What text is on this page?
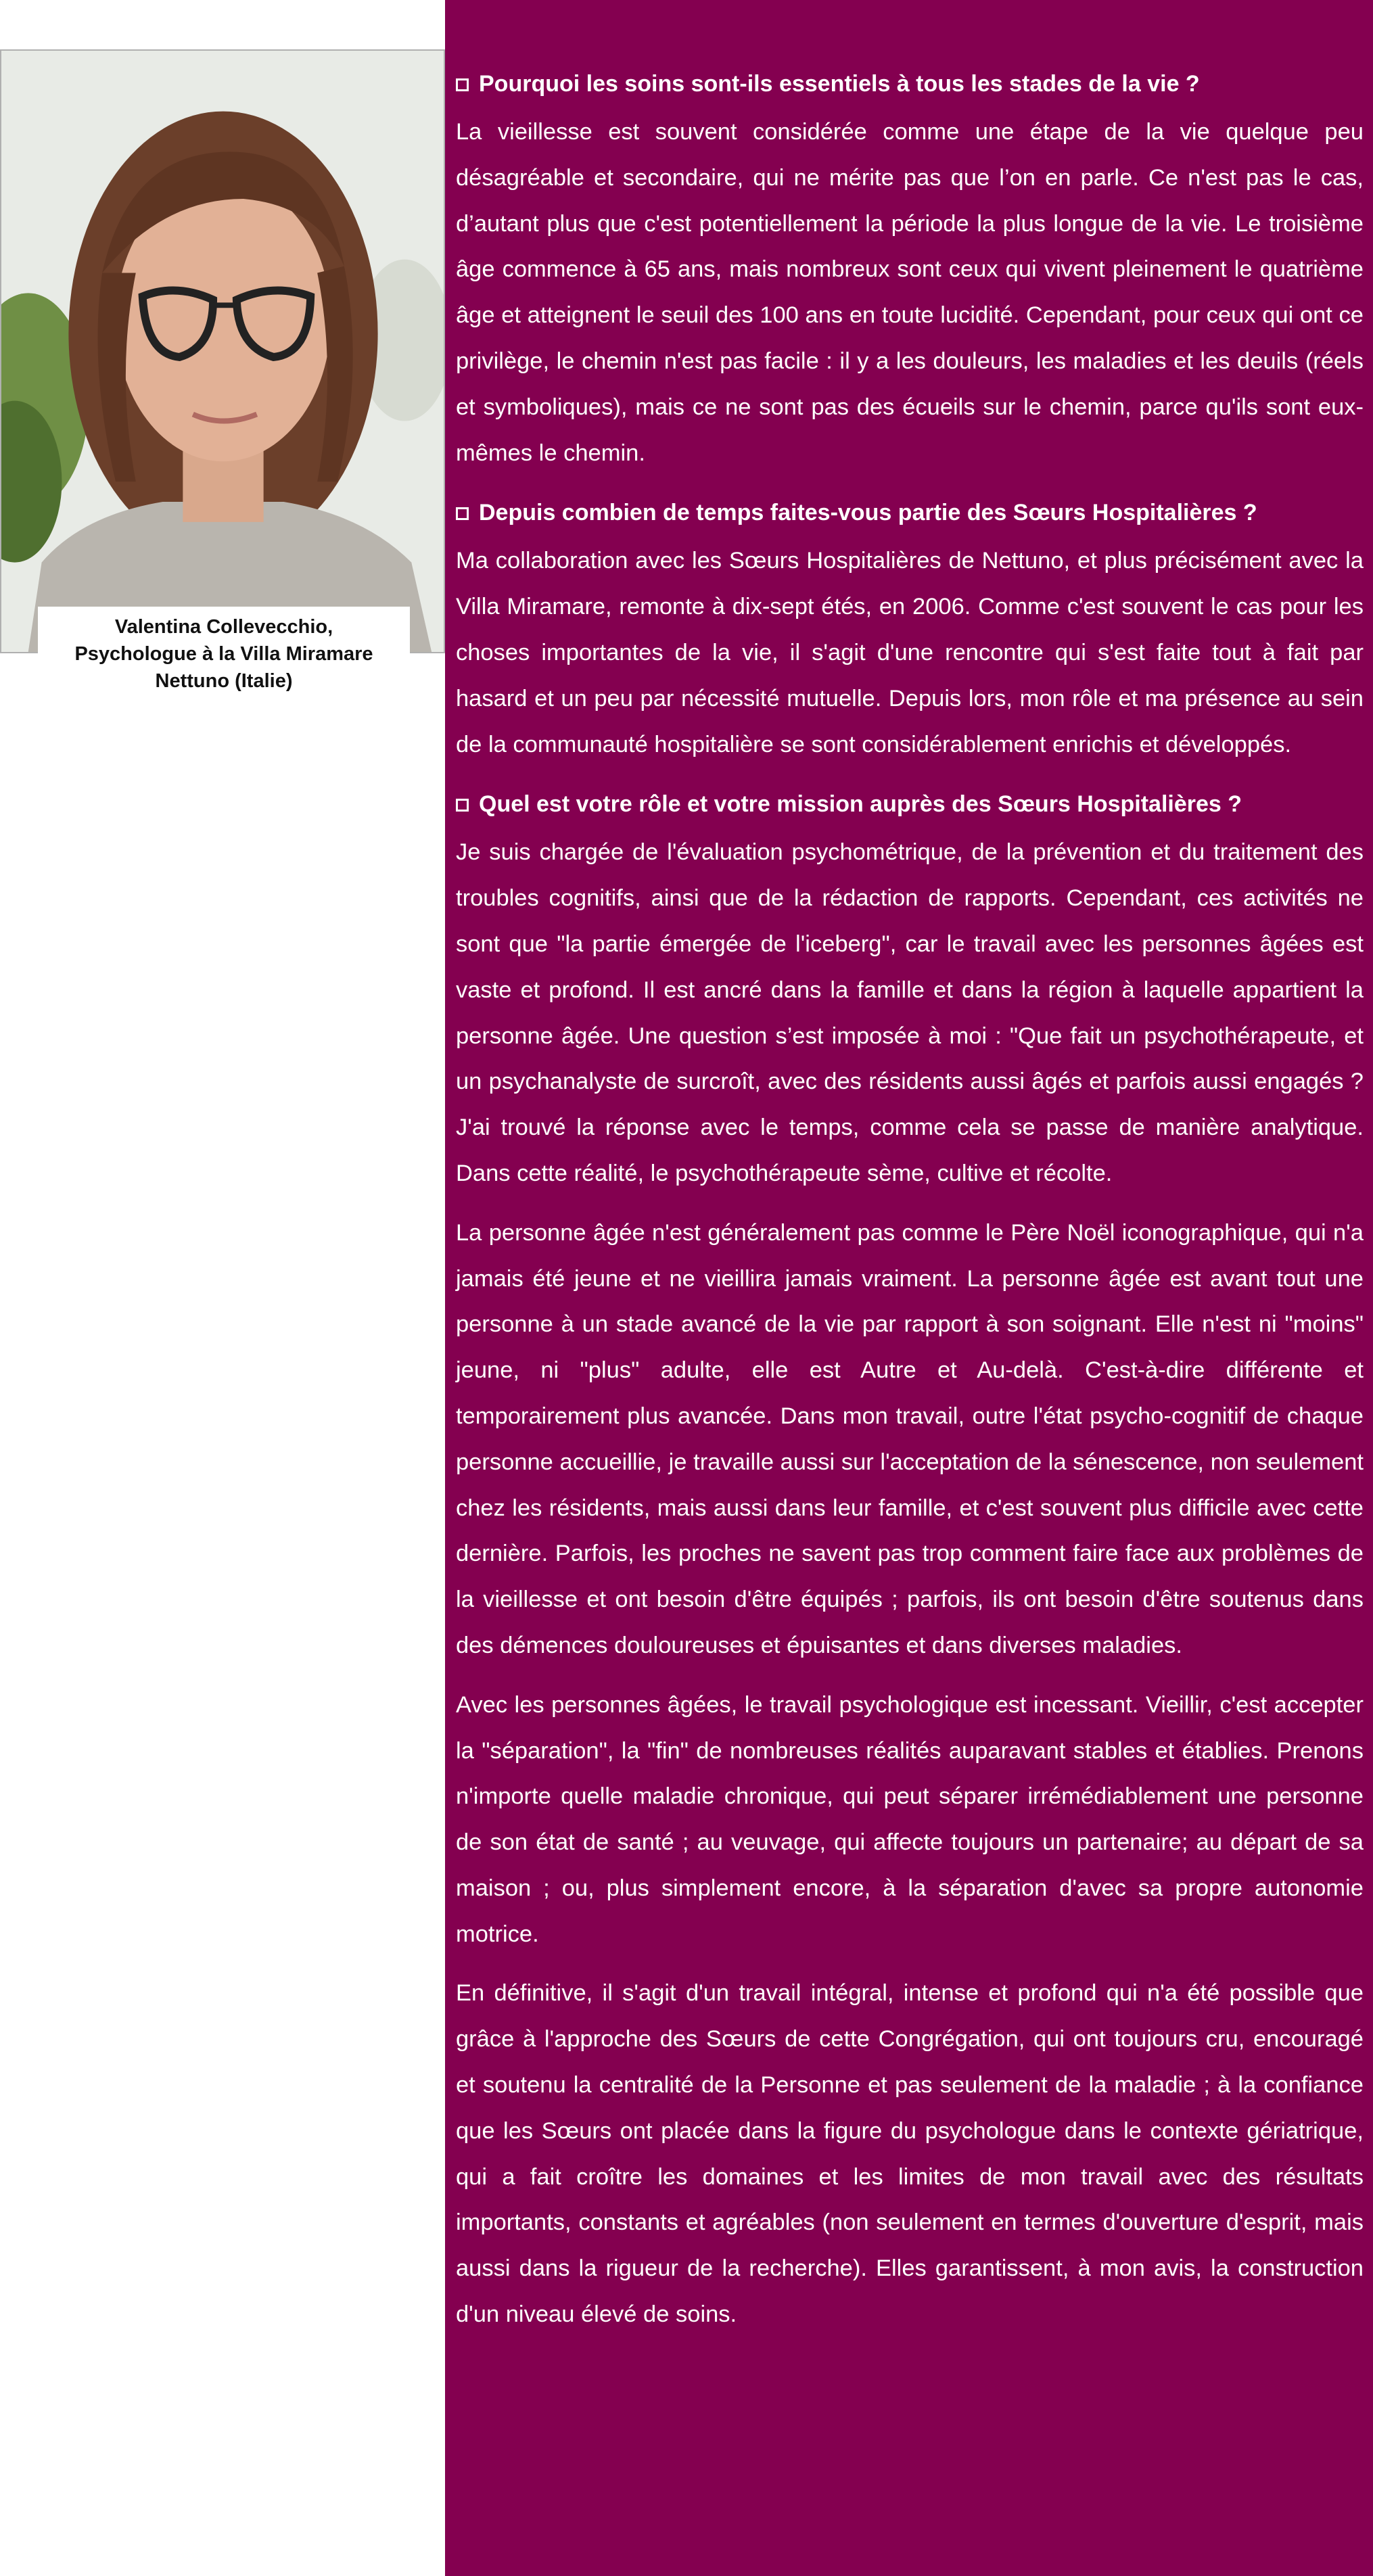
Valentina Collevecchio,
Psychologue à la Villa Miramare
Nettuno (Italie)
Pourquoi les soins sont-ils essentiels à tous les stades de la vie ?

La vieillesse est souvent considérée comme une étape de la vie quelque peu désagréable et secondaire, qui ne mérite pas que l’on en parle. Ce n'est pas le cas, d’autant plus que c'est potentiellement la période la plus longue de la vie. Le troisième âge commence à 65 ans, mais nombreux sont ceux qui vivent pleinement le quatrième âge et atteignent le seuil des 100 ans en toute lucidité. Cependant, pour ceux qui ont ce privilège, le chemin n'est pas facile : il y a les douleurs, les maladies et les deuils (réels et symboliques), mais ce ne sont pas des écueils sur le chemin, parce qu'ils sont eux-mêmes le chemin.

Depuis combien de temps faites-vous partie des Sœurs Hospitalières ?

Ma collaboration avec les Sœurs Hospitalières de Nettuno, et plus précisément avec la Villa Miramare, remonte à dix-sept étés, en 2006. Comme c'est souvent le cas pour les choses importantes de la vie, il s'agit d'une rencontre qui s'est faite tout à fait par hasard et un peu par nécessité mutuelle. Depuis lors, mon rôle et ma présence au sein de la communauté hospitalière se sont considérablement enrichis et développés.

Quel est votre rôle et votre mission auprès des Sœurs Hospitalières ?

Je suis chargée de l'évaluation psychométrique, de la prévention et du traitement des troubles cognitifs, ainsi que de la rédaction de rapports. Cependant, ces activités ne sont que "la partie émergée de l'iceberg", car le travail avec les personnes âgées est vaste et profond. Il est ancré dans la famille et dans la région à laquelle appartient la personne âgée. Une question s’est imposée à moi : "Que fait un psychothérapeute, et un psychanalyste de surcroît, avec des résidents aussi âgés et parfois aussi engagés ? J'ai trouvé la réponse avec le temps, comme cela se passe de manière analytique. Dans cette réalité, le psychothérapeute sème, cultive et récolte.

La personne âgée n'est généralement pas comme le Père Noël iconographique, qui n'a jamais été jeune et ne vieillira jamais vraiment. La personne âgée est avant tout une personne à un stade avancé de la vie par rapport à son soignant. Elle n'est ni "moins" jeune, ni "plus" adulte, elle est Autre et Au-delà. C'est-à-dire différente et temporairement plus avancée. Dans mon travail, outre l'état psycho-cognitif de chaque personne accueillie, je travaille aussi sur l'acceptation de la sénescence, non seulement chez les résidents, mais aussi dans leur famille, et c'est souvent plus difficile avec cette dernière. Parfois, les proches ne savent pas trop comment faire face aux problèmes de la vieillesse et ont besoin d'être équipés ; parfois, ils ont besoin d'être soutenus dans des démences douloureuses et épuisantes et dans diverses maladies.

Avec les personnes âgées, le travail psychologique est incessant. Vieillir, c'est accepter la "séparation", la "fin" de nombreuses réalités auparavant stables et établies. Prenons n'importe quelle maladie chronique, qui peut séparer irrémédiablement une personne de son état de santé ; au veuvage, qui affecte toujours un partenaire; au départ de sa maison ; ou, plus simplement encore, à la séparation d'avec sa propre autonomie motrice.

En définitive, il s'agit d'un travail intégral, intense et profond qui n'a été possible que grâce à l'approche des Sœurs de cette Congrégation, qui ont toujours cru, encouragé et soutenu la centralité de la Personne et pas seulement de la maladie ; à la confiance que les Sœurs ont placée dans la figure du psychologue dans le contexte gériatrique, qui a fait croître les domaines et les limites de mon travail avec des résultats importants, constants et agréables (non seulement en termes d'ouverture d'esprit, mais aussi dans la rigueur de la recherche). Elles garantissent, à mon avis, la construction d'un niveau élevé de soins.
